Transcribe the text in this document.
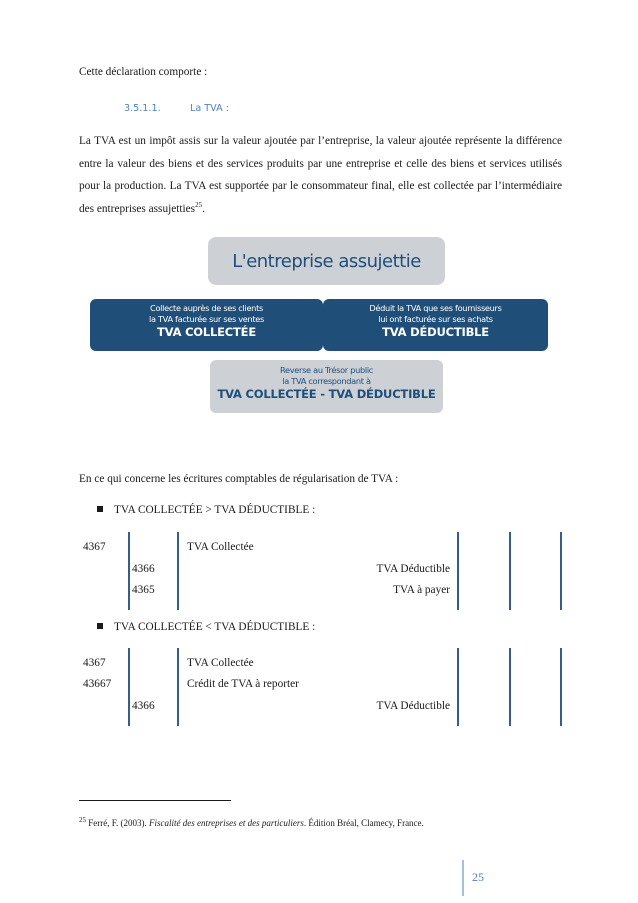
Cette déclaration comporte :
3.5.1.1.	La TVA :
La TVA est un impôt assis sur la valeur ajoutée par l’entreprise, la valeur ajoutée représente la différence entre la valeur des biens et des services produits par une entreprise et celle des biens et services utilisés pour la production. La TVA est supportée par le consommateur final, elle est collectée par l’intermédiaire des entreprises assujetties$^{25}$.
L'entreprise assujettie
Collecte auprès de ses clients
la TVA facturée sur ses ventes
TVA COLLECTÉE
Déduit la TVA que ses fournisseurs
lui ont facturée sur ses achats
TVA DÉDUCTIBLE
Reverse au Trésor public
la TVA correspondant à
TVA COLLECTÉE - TVA DÉDUCTIBLE
En ce qui concerne les écritures comptables de régularisation de TVA :
TVA COLLECTÉE > TVA DÉDUCTIBLE :
4367	TVA Collectée
4366	TVA Déductible
4365	TVA à payer
TVA COLLECTÉE < TVA DÉDUCTIBLE :
4367	TVA Collectée
43667	Crédit de TVA à reporter
4366	TVA Déductible
$^{25}$ Ferré, F. (2003). Fiscalité des entreprises et des particuliers. Édition Bréal, Clamecy, France.
25
